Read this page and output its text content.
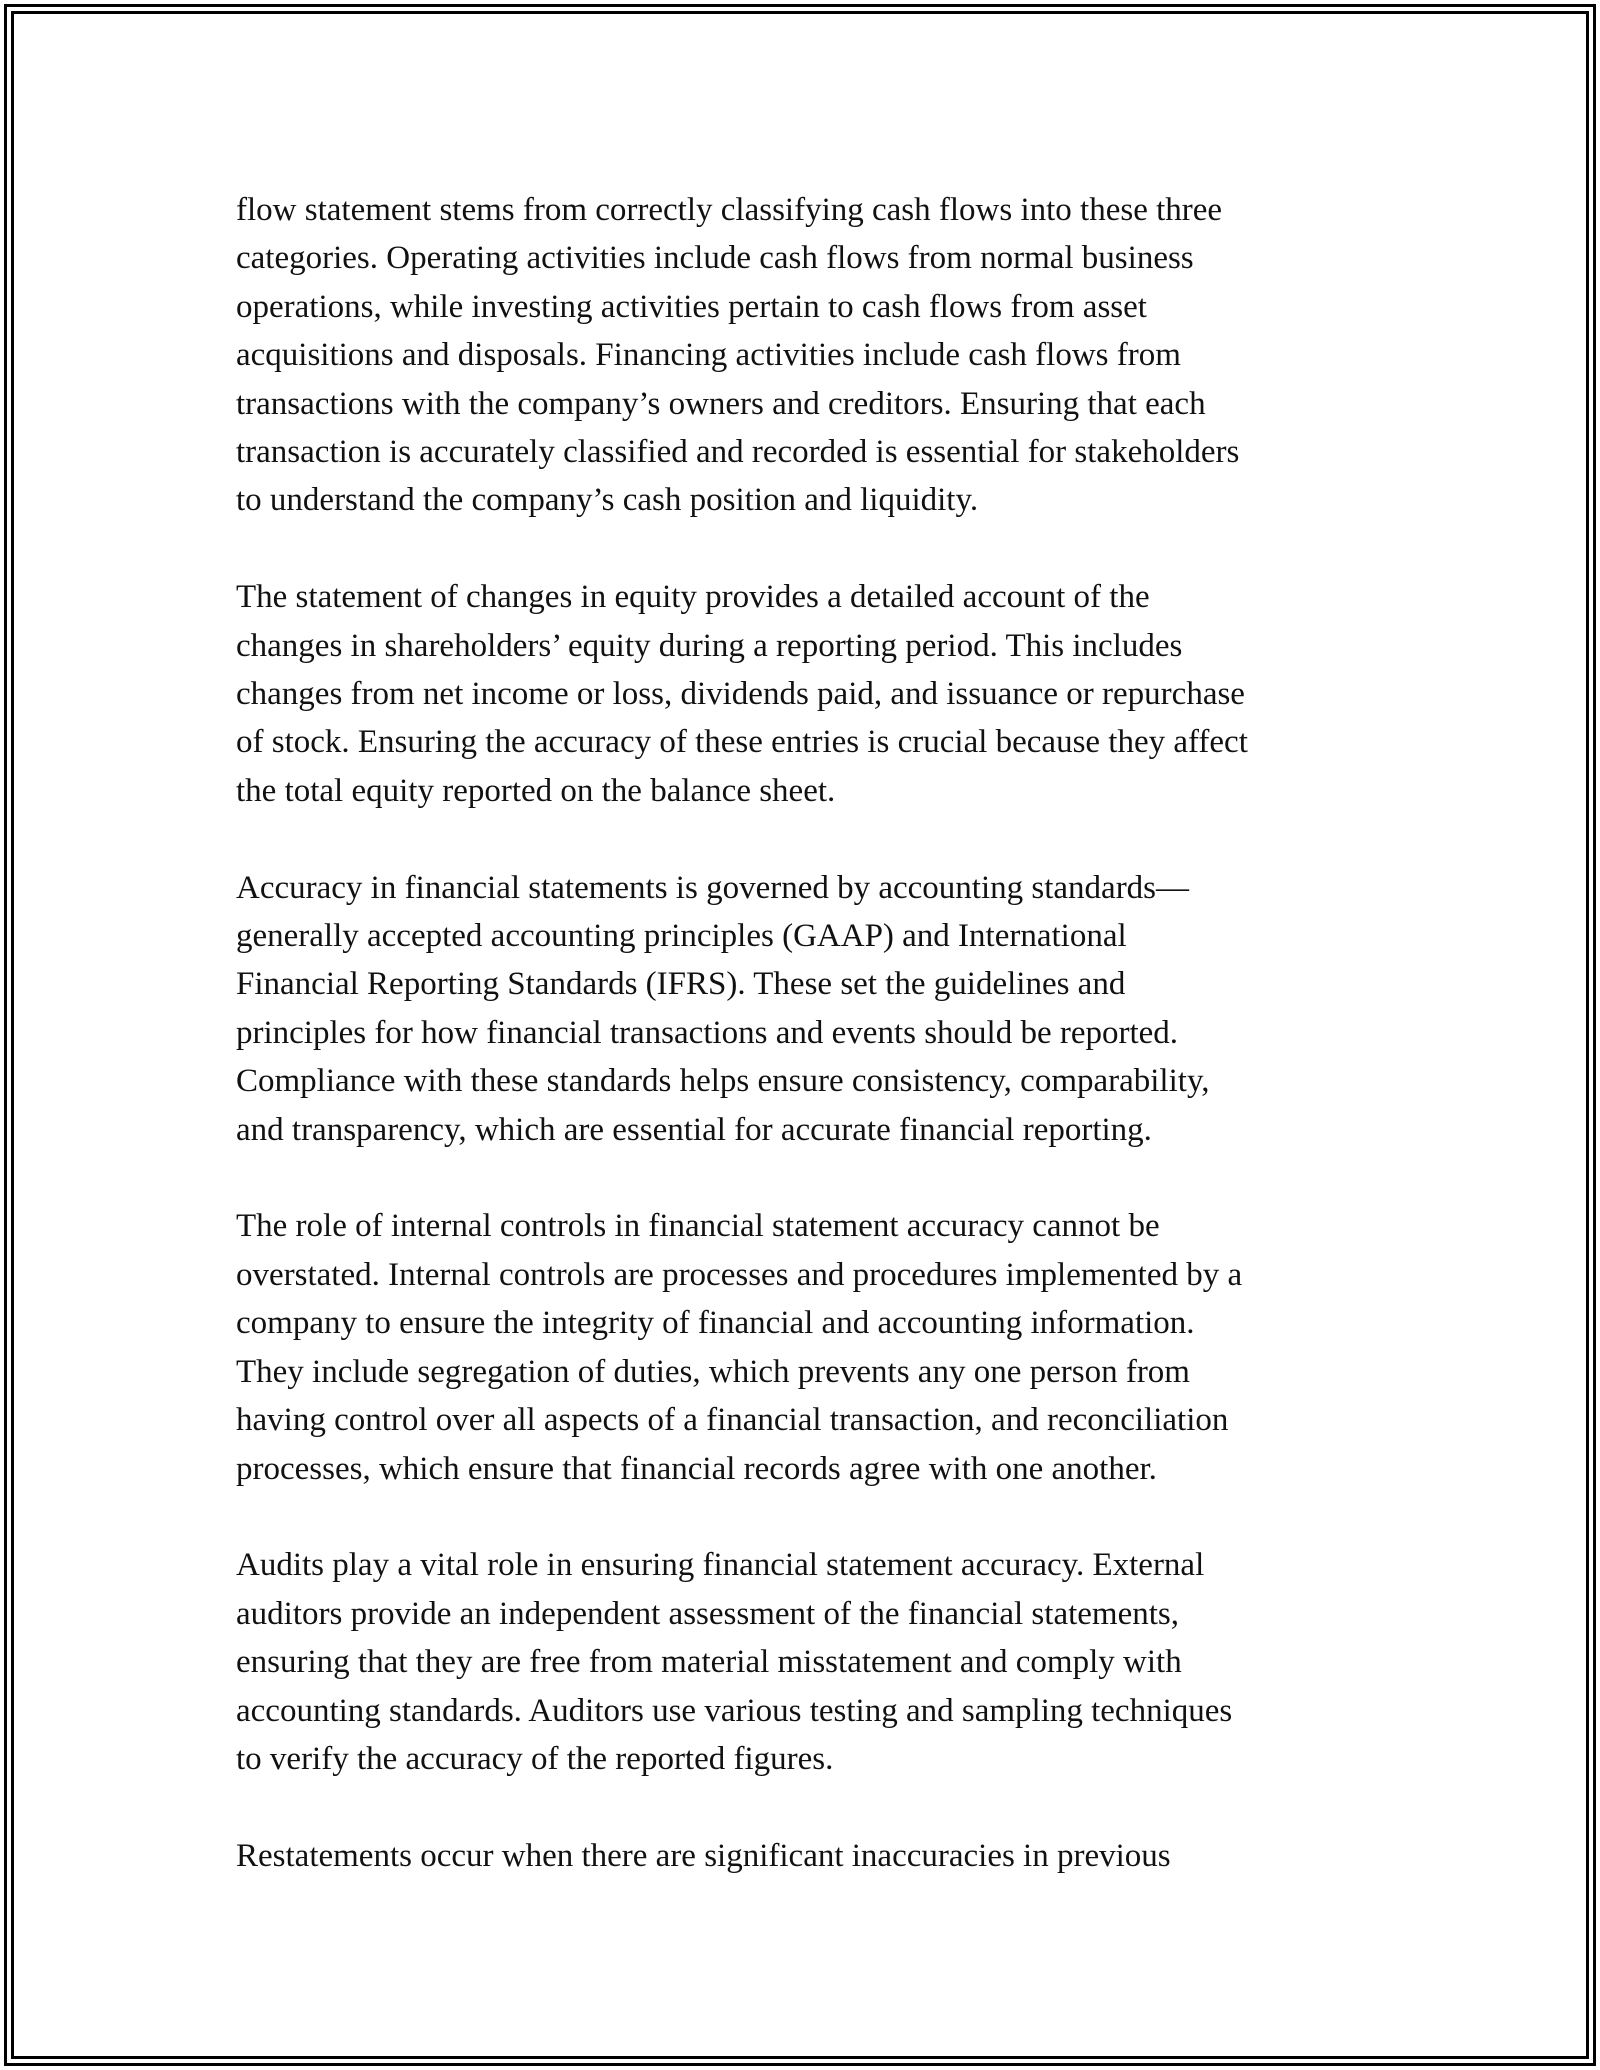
flow statement stems from correctly classifying cash flows into these three
categories. Operating activities include cash flows from normal business
operations, while investing activities pertain to cash flows from asset
acquisitions and disposals. Financing activities include cash flows from
transactions with the company’s owners and creditors. Ensuring that each
transaction is accurately classified and recorded is essential for stakeholders
to understand the company’s cash position and liquidity.

The statement of changes in equity provides a detailed account of the
changes in shareholders’ equity during a reporting period. This includes
changes from net income or loss, dividends paid, and issuance or repurchase
of stock. Ensuring the accuracy of these entries is crucial because they affect
the total equity reported on the balance sheet.

Accuracy in financial statements is governed by accounting standards—
generally accepted accounting principles (GAAP) and International
Financial Reporting Standards (IFRS). These set the guidelines and
principles for how financial transactions and events should be reported.
Compliance with these standards helps ensure consistency, comparability,
and transparency, which are essential for accurate financial reporting.

The role of internal controls in financial statement accuracy cannot be
overstated. Internal controls are processes and procedures implemented by a
company to ensure the integrity of financial and accounting information.
They include segregation of duties, which prevents any one person from
having control over all aspects of a financial transaction, and reconciliation
processes, which ensure that financial records agree with one another.

Audits play a vital role in ensuring financial statement accuracy. External
auditors provide an independent assessment of the financial statements,
ensuring that they are free from material misstatement and comply with
accounting standards. Auditors use various testing and sampling techniques
to verify the accuracy of the reported figures.

Restatements occur when there are significant inaccuracies in previous
